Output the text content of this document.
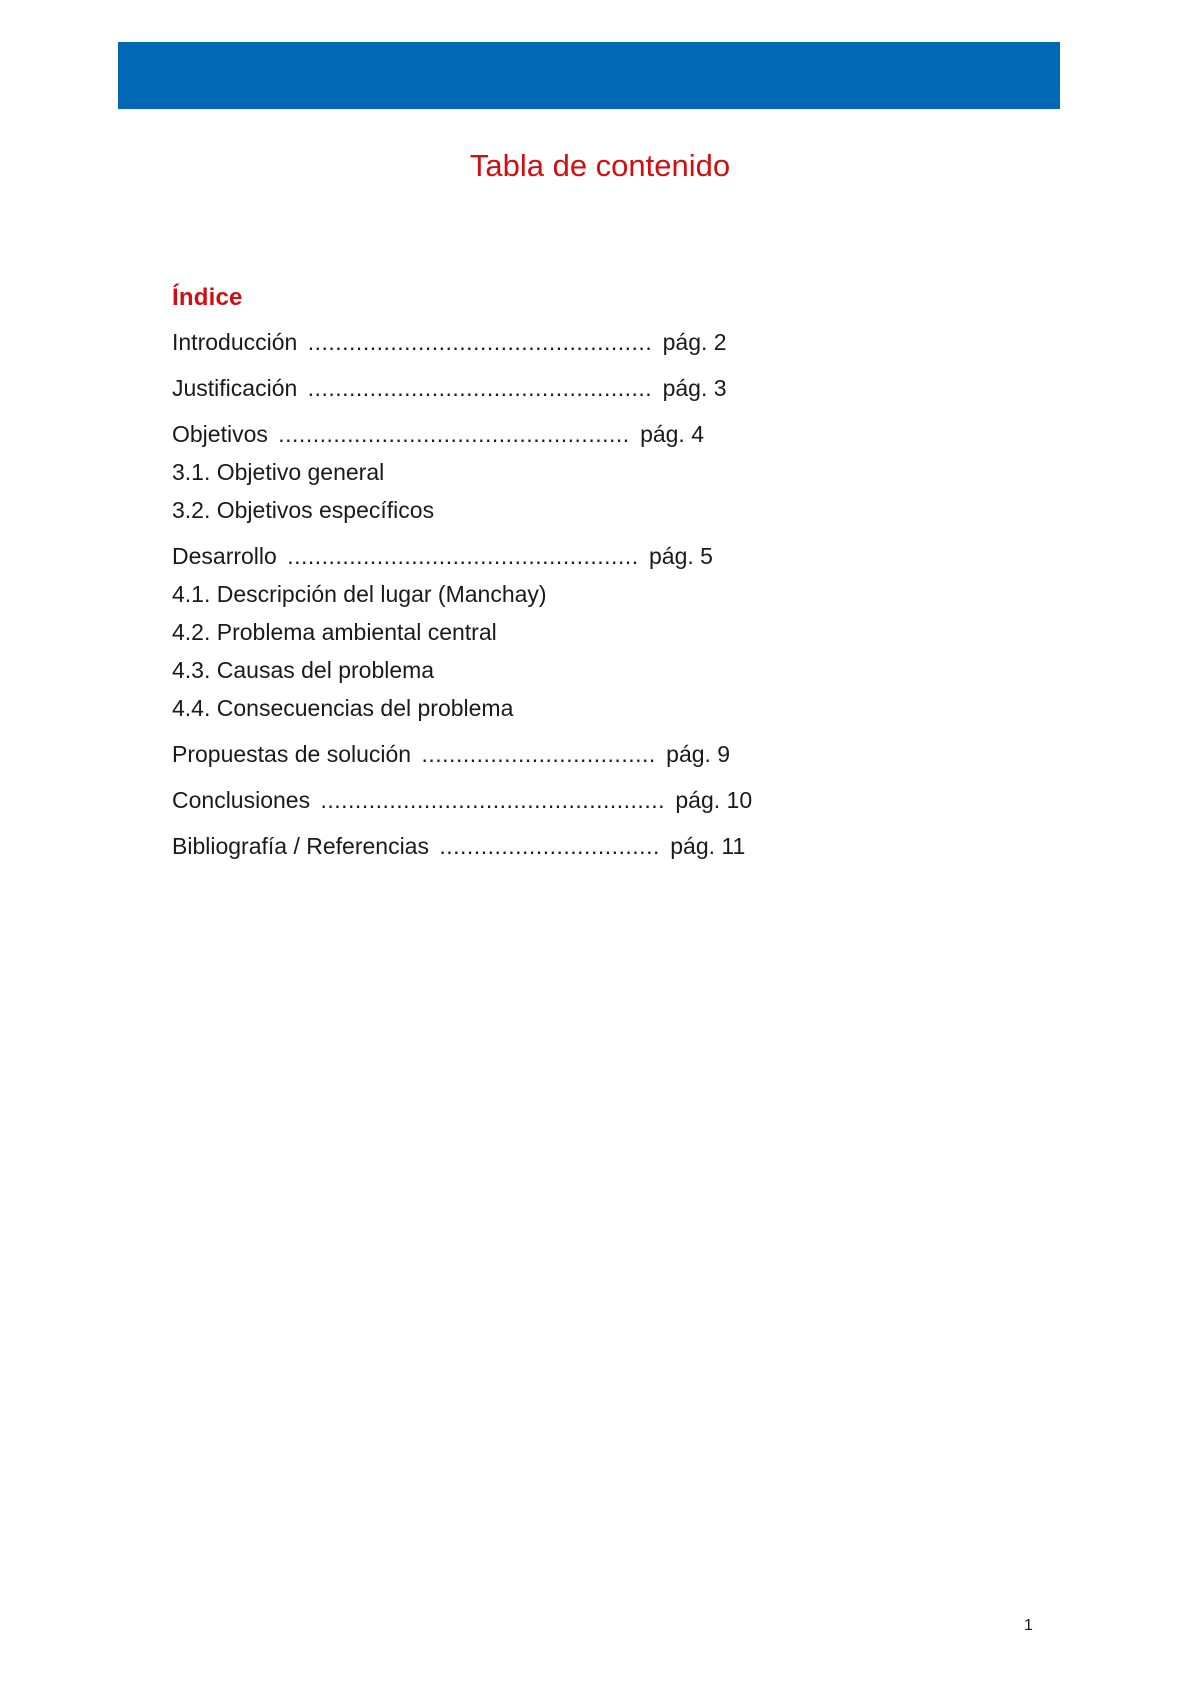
Tabla de contenido
Índice
Introducción .................................................. pág. 2
Justificación .................................................. pág. 3
Objetivos ................................................... pág. 4
3.1. Objetivo general
3.2. Objetivos específicos
Desarrollo ................................................... pág. 5
4.1. Descripción del lugar (Manchay)
4.2. Problema ambiental central
4.3. Causas del problema
4.4. Consecuencias del problema
Propuestas de solución .................................. pág. 9
Conclusiones .................................................. pág. 10
Bibliografía / Referencias ................................ pág. 11
1
